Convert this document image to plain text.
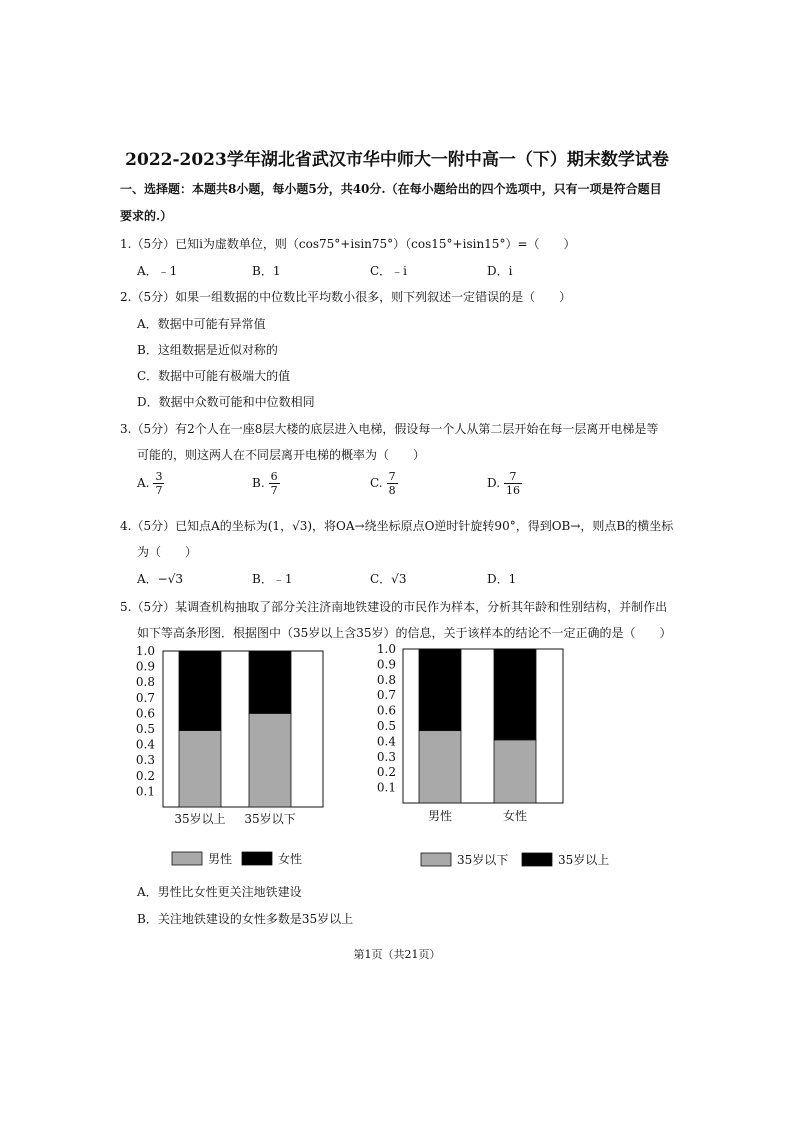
2022-2023学年湖北省武汉市华中师大一附中高一（下）期末数学试卷
一、选择题：本题共8小题，每小题5分，共40分.（在每小题给出的四个选项中，只有一项是符合题目
要求的.）
1.（5分）已知i为虚数单位，则（cos75°+isin75°）（cos15°+isin15°）=（　　）
A．﹣1	B．1	C．﹣i	D．i
2.（5分）如果一组数据的中位数比平均数小很多，则下列叙述一定错误的是（　　）
A．数据中可能有异常值
B．这组数据是近似对称的
C．数据中可能有极端大的值
D．数据中众数可能和中位数相同
3.（5分）有2个人在一座8层大楼的底层进入电梯，假设每一个人从第二层开始在每一层离开电梯是等
可能的，则这两人在不同层离开电梯的概率为（　　）
A. $\frac{3}{7}$	B. $\frac{6}{7}$	C. $\frac{7}{8}$	D. $\frac{7}{16}$
4.（5分）已知点A的坐标为(1，√3)，将OA→绕坐标原点O逆时针旋转90°，得到OB→，则点B的横坐标
为（　　）
A．−√3	B．﹣1	C．√3	D．1
5.（5分）某调查机构抽取了部分关注济南地铁建设的市民作为样本，分析其年龄和性别结构，并制作出
如下等高条形图．根据图中（35岁以上含35岁）的信息，关于该样本的结论不一定正确的是（　　）
0.1
0.2
0.3
0.4
0.5
0.6
0.7
0.8
0.9
1.0
35岁以上 35岁以下
男性	女性
0.1
0.2
0.3
0.4
0.5
0.6
0.7
0.8
0.9
1.0
男性	女性
35岁以下	35岁以上
A．男性比女性更关注地铁建设
B．关注地铁建设的女性多数是35岁以上
第1页（共21页）
